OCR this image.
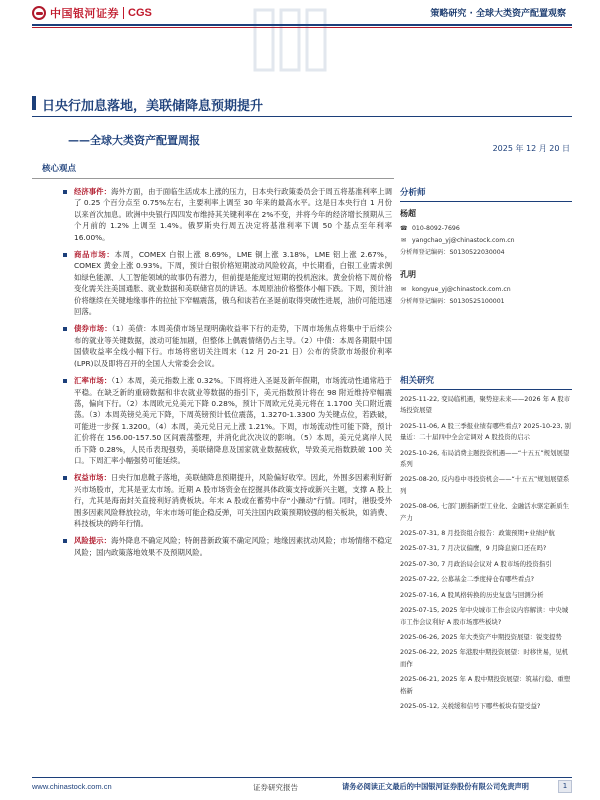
中国银河证券 CGS	策略研究 · 全球大类资产配置观察
日央行加息落地，美联储降息预期提升
——全球大类资产配置周报
2025 年 12 月 20 日
核心观点
经济事件：海外方面，由于面临生活成本上涨的压力，日本央行政策委员会于周五将基准利率上调了 0.25 个百分点至 0.75%左右，主要利率上调至 30 年来的最高水平。这是日本央行自 1 月份以来首次加息。欧洲中央银行四四发布维持其关键利率在 2%不变，并将今年的经济增长预期从三个月前的 1.2% 上调至 1.4%。俄罗斯央行周五决定将基准利率下调 50 个基点至年利率 16.00%。
商品市场：本周，COMEX 白银上涨 8.69%，LME 铜上涨 3.18%，LME 铝上涨 2.67%，COMEX 黄金上涨 0.93%。下周，预计白银价格短期波动风险较高，中长期看，白银工业需求例如绿色能源、人工智能领域的故事仍有潜力，但前提是能度过短期的投机泡沫。黄金价格下周价格变化需关注美国通胀、就业数据和美联储官员的讲话。本周原油价格整体小幅下跌。下周，预计油价将继续在关键地缘事件的拉扯下窄幅震荡，俄乌和谈若在圣诞前取得突破性进展，油价可能迅速回落。
债券市场：（1）美债：本周美债市场呈现明确收益率下行的走势，下周市场焦点将集中于后续公布的就业等关键数据，波动可能加剧，但整体上偶震情绪仍占主导。（2）中债：本周各期限中国国债收益率全线小幅下行。市场将密切关注周末（12 月 20-21 日）公布的贷款市场报价利率(LPR)以及即将召开的全国人大常委会会议。
汇率市场：（1）本周，美元指数上涨 0.32%。下周将进入圣诞及新年假期，市场流动性通常趋于平稳。在缺乏新的重磅数据和非农就业等数据的指引下，美元指数预计将在 98 附近维持窄幅震荡，偏向下行。（2）本周欧元兑美元下降 0.28%，预计下周欧元兑美元将在 1.1700 关口附近震荡。（3）本周英镑兑美元下降，下周英镑预计低位震荡，1.3270-1.3300 为关键点位，若跌破，可能进一步探 1.3200。（4）本周，美元兑日元上涨 1.21%。下周，市场流动性可能下降，预计汇价将在 156.00-157.50 区间震荡整理，并消化此次决议的影响。（5）本周，美元兑离岸人民币下降 0.28%，人民币表现强势，美联储降息及国家就业数据疲软，导致美元指数跌破 100 关口。下周汇率小幅强势可能延续。
权益市场：日央行加息靴子落地，美联储降息预期提升，风险偏好收窄。因此，外围多因素利好新兴市场股市，尤其是亚太市场。近期 A 股市场资金在挖掘具体政策支持或新兴主题，支撑 A 股上行，尤其是海南封关直接利好消费板块。年末 A 股或在蓄势中存“小躁动”行情。同时，港股受外围多因素风险释放拉动，年末市场可能企稳反弹，可关注国内政策预期较强的相关板块，如消费、科技板块的跨年行情。
风险提示：海外降息不确定风险；特朗普新政策不确定风险；地缘因素扰动风险；市场情绪不稳定风险；国内政策落地效果不及预期风险。
分析师
杨超
☎ 010-8092-7696
✉ yangchao_yj@chinastock.com.cn
分析师登记编码：S0130522030004
孔明
✉ kongyue_yj@chinastock.com.cn
分析师登记编码：S0130525100001
相关研究
2025-11-22, 变局临机遇，聚势迎未来——2026 年 A 股市场投资展望
2025-11-06, A 股三季报业绩有哪些看点? 2025-10-23, 别量近：二十届四中全会定调对 A 股投资的启示
2025-10-26, 布局消费主题投资机遇——“十五五”规划展望系列
2025-08-20, 反内卷中寻投资机会——“十五五”规划展望系列
2025-08-06, 七部门剧指新型工业化、金融活水驱定新质生产力
2025-07-31, 8 月投资组合报告：政策预期+业绩护航
2025-07-31, 7 月决议偏鹰，9 月降息窗口还在吗?
2025-07-30, 7 月政治局会议对 A 股市场的投资指引
2025-07-22, 公募基金二季度持仓有哪些看点?
2025-07-16, A 股风格转换的历史复盘与回测分析
2025-07-15, 2025 年中央城市工作会议内容解读：中央城市工作会议利好 A 股市场那些板块?
2025-06-26, 2025 年大类资产中期投资展望：锐变提势
2025-06-22, 2025 年港股中期投资展望：时移世易，见机而作
2025-06-21, 2025 年 A 股中期投资展望：筑基行稳、重塑格新
2025-05-12, 关税缓和信号下哪些板块有望受益?
www.chinastock.com.cn	证券研究报告	请务必阅读正文最后的中国银河证券股份有限公司免责声明	1
